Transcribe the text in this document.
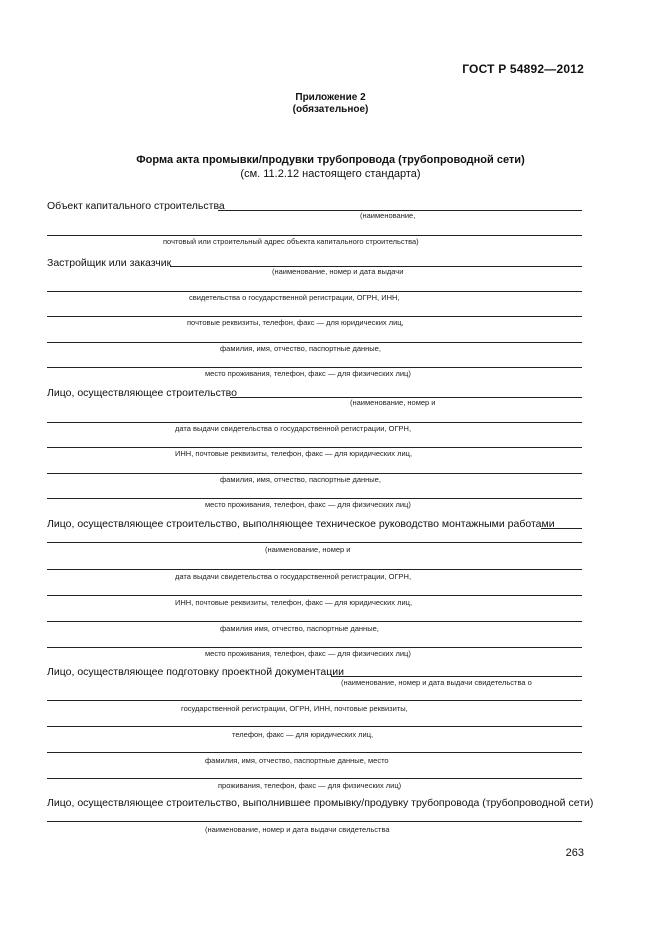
ГОСТ Р 54892—2012
Приложение 2
(обязательное)
Форма акта промывки/продувки трубопровода (трубопроводной сети)
(см. 11.2.12 настоящего стандарта)
Объект капитального строительства
(наименование,
почтовый или строительный адрес объекта капитального строительства)
Застройщик или заказчик
(наименование, номер и дата выдачи
свидетельства о государственной регистрации, ОГРН, ИНН,
почтовые реквизиты, телефон, факс — для юридических лиц,
фамилия, имя, отчество, паспортные данные,
место проживания, телефон, факс — для физических лиц)
Лицо, осуществляющее строительство
(наименование, номер и
дата выдачи свидетельства о государственной регистрации, ОГРН,
ИНН, почтовые реквизиты, телефон, факс — для юридических лиц,
фамилия, имя, отчество, паспортные данные,
место проживания, телефон, факс — для физических лиц)
Лицо, осуществляющее строительство, выполняющее техническое руководство монтажными работами
(наименование, номер и
дата выдачи свидетельства о государственной регистрации, ОГРН,
ИНН, почтовые реквизиты, телефон, факс — для юридических лиц,
фамилия имя, отчество, паспортные данные,
место проживания, телефон, факс — для физических лиц)
Лицо, осуществляющее подготовку проектной документации
(наименование, номер и дата выдачи свидетельства о
государственной регистрации, ОГРН, ИНН, почтовые реквизиты,
телефон, факс — для юридических лиц,
фамилия, имя, отчество, паспортные данные, место
проживания, телефон, факс — для физических лиц)
Лицо, осуществляющее строительство, выполнившее промывку/продувку трубопровода (трубопроводной сети)
(наименование, номер и дата выдачи свидетельства
263
